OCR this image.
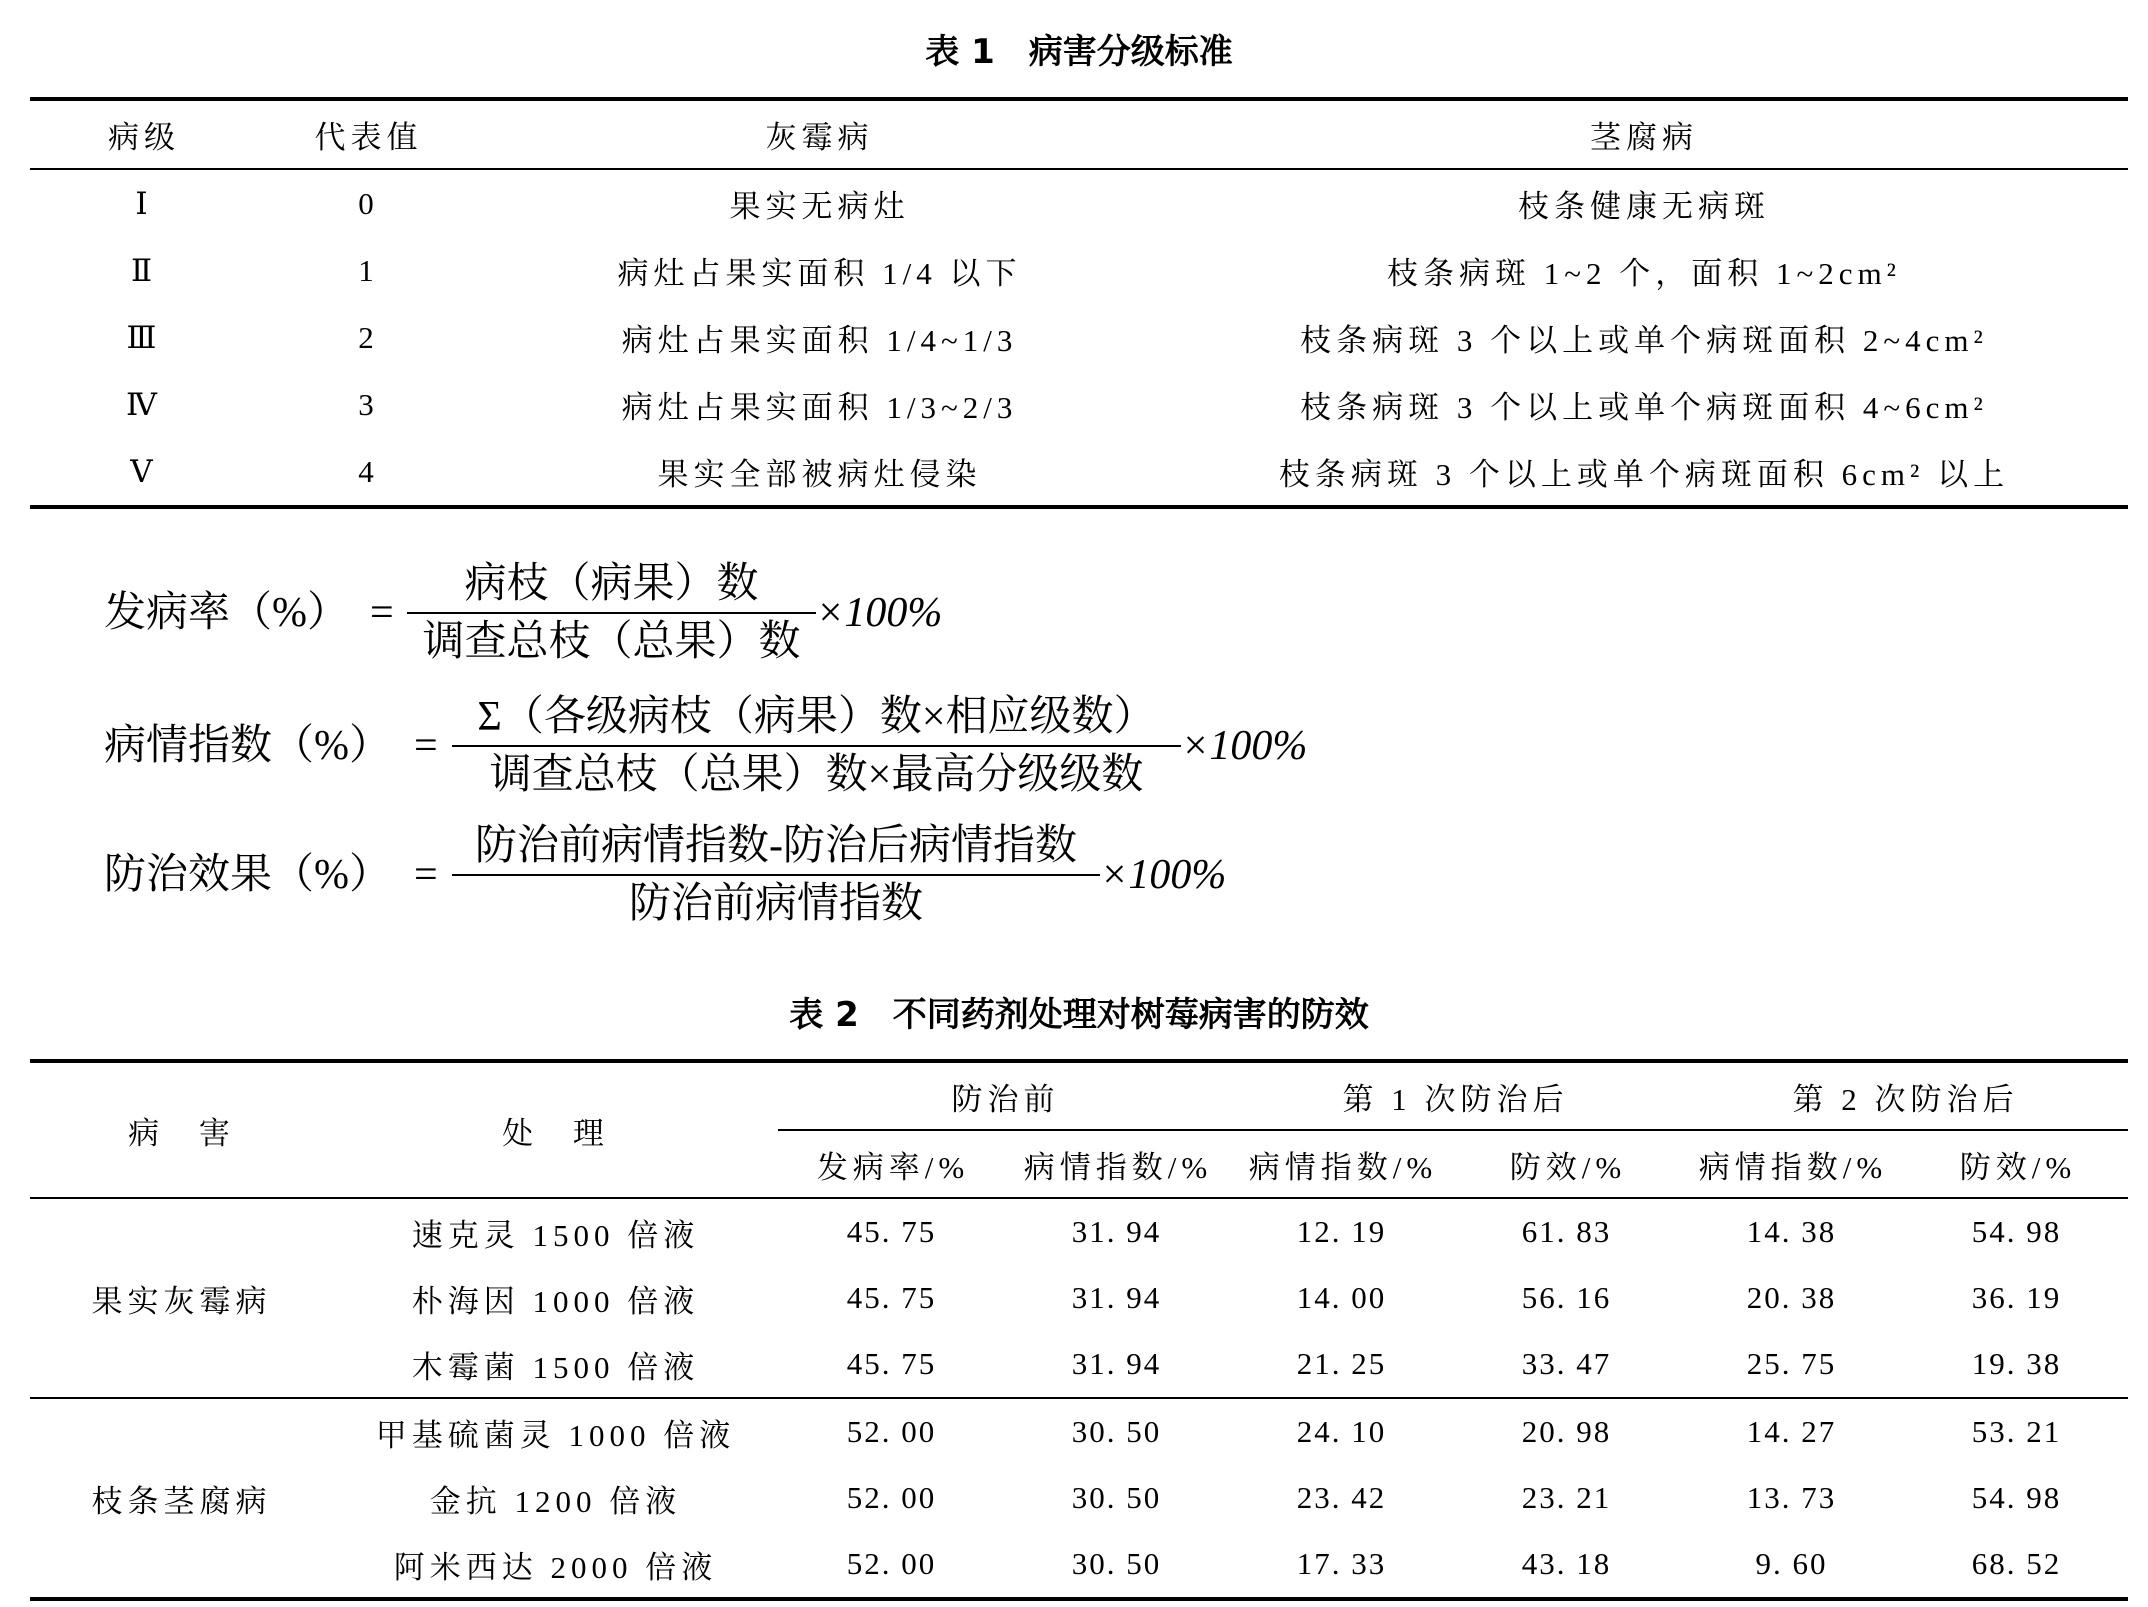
表 1　病害分级标准
病级	代表值	灰霉病	茎腐病
Ⅰ	0	果实无病灶	枝条健康无病斑
Ⅱ	1	病灶占果实面积 1/4 以下	枝条病斑 1~2 个，面积 1~2cm²
Ⅲ	2	病灶占果实面积 1/4~1/3	枝条病斑 3 个以上或单个病斑面积 2~4cm²
Ⅳ	3	病灶占果实面积 1/3~2/3	枝条病斑 3 个以上或单个病斑面积 4~6cm²
Ⅴ	4	果实全部被病灶侵染	枝条病斑 3 个以上或单个病斑面积 6cm² 以上
发病率（%） =
病枝（病果）数
调查总枝（总果）数
×100%
病情指数（%） =
Σ（各级病枝（病果）数×相应级数）
调查总枝（总果）数×最高分级级数
×100%
防治效果（%） =
防治前病情指数-防治后病情指数
防治前病情指数
×100%
表 2　不同药剂处理对树莓病害的防效
病 害	处 理	防治前		第 1 次防治后		第 2 次防治后	
		发病率/%	病情指数/%	病情指数/%	防效/%	病情指数/%	防效/%
果实灰霉病	速克灵 1500 倍液	45. 75	31. 94	12. 19	61. 83	14. 38	54. 98
	朴海因 1000 倍液	45. 75	31. 94	14. 00	56. 16	20. 38	36. 19
	木霉菌 1500 倍液	45. 75	31. 94	21. 25	33. 47	25. 75	19. 38
枝条茎腐病	甲基硫菌灵 1000 倍液	52. 00	30. 50	24. 10	20. 98	14. 27	53. 21
	金抗 1200 倍液	52. 00	30. 50	23. 42	23. 21	13. 73	54. 98
	阿米西达 2000 倍液	52. 00	30. 50	17. 33	43. 18	9. 60	68. 52
